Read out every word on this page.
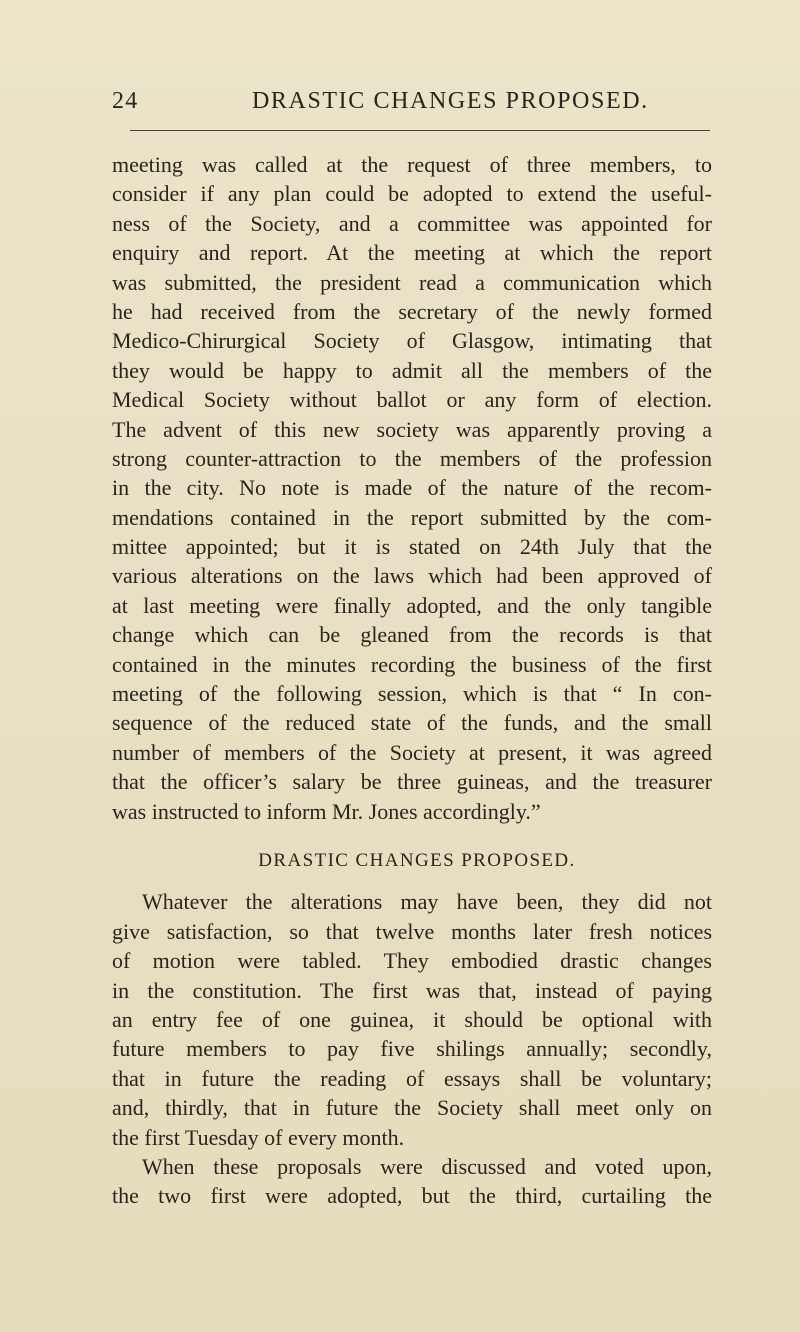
24	DRASTIC CHANGES PROPOSED.
meeting was called at the request of three members, to
consider if any plan could be adopted to extend the useful-
ness of the Society, and a committee was appointed for
enquiry and report. At the meeting at which the report
was submitted, the president read a communication which
he had received from the secretary of the newly formed
Medico-Chirurgical Society of Glasgow, intimating that
they would be happy to admit all the members of the
Medical Society without ballot or any form of election.
The advent of this new society was apparently proving a
strong counter-attraction to the members of the profession
in the city. No note is made of the nature of the recom-
mendations contained in the report submitted by the com-
mittee appointed; but it is stated on 24th July that the
various alterations on the laws which had been approved of
at last meeting were finally adopted, and the only tangible
change which can be gleaned from the records is that
contained in the minutes recording the business of the first
meeting of the following session, which is that “ In con-
sequence of the reduced state of the funds, and the small
number of members of the Society at present, it was agreed
that the officer’s salary be three guineas, and the treasurer
was instructed to inform Mr. Jones accordingly.”
DRASTIC CHANGES PROPOSED.
Whatever the alterations may have been, they did not
give satisfaction, so that twelve months later fresh notices
of motion were tabled. They embodied drastic changes
in the constitution. The first was that, instead of paying
an entry fee of one guinea, it should be optional with
future members to pay five shilings annually; secondly,
that in future the reading of essays shall be voluntary;
and, thirdly, that in future the Society shall meet only on
the first Tuesday of every month.
When these proposals were discussed and voted upon,
the two first were adopted, but the third, curtailing the
